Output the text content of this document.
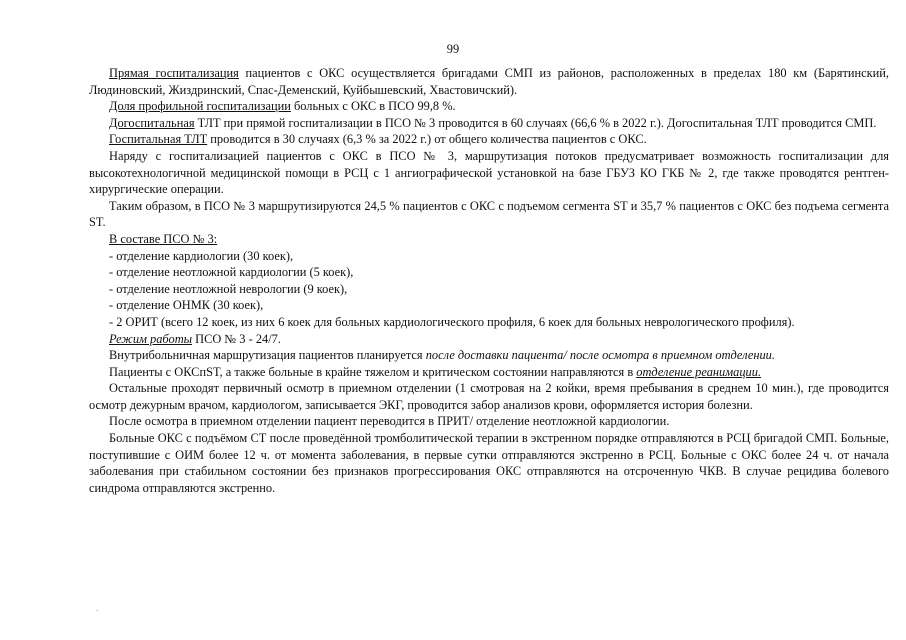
99

Прямая госпитализация пациентов с ОКС осуществляется бригадами СМП из районов, расположенных в пределах 180 км (Барятинский, Людиновский, Жиздринский, Спас-Деменский, Куйбышевский, Хвастовичский).

Доля профильной госпитализации больных с ОКС в ПСО 99,8 %.

Догоспитальная ТЛТ при прямой госпитализации в ПСО № 3 проводится в 60 случаях (66,6 % в 2022 г.). Догоспитальная ТЛТ проводится СМП.

Госпитальная ТЛТ проводится в 30 случаях (6,3 % за 2022 г.) от общего количества пациентов с ОКС.

Наряду с госпитализацией пациентов с ОКС в ПСО № 3, маршрутизация потоков предусматривает возможность госпитализации для высокотехнологичной медицинской помощи в РСЦ с 1 ангиографической установкой на базе ГБУЗ КО ГКБ № 2, где также проводятся рентген-хирургические операции.

Таким образом, в ПСО № 3 маршрутизируются 24,5 % пациентов с ОКС с подъемом сегмента ST и 35,7 % пациентов с ОКС без подъема сегмента ST.

В составе ПСО № 3:

- отделение кардиологии (30 коек),

- отделение неотложной кардиологии (5 коек),

- отделение неотложной неврологии (9 коек),

- отделение ОНМК (30 коек),

- 2 ОРИТ (всего 12 коек, из них 6 коек для больных кардиологического профиля, 6 коек для больных неврологического профиля).

Режим работы ПСО № 3 - 24/7.

Внутрибольничная маршрутизация пациентов планируется после доставки пациента/ после осмотра в приемном отделении.

Пациенты с ОКСпST, а также больные в крайне тяжелом и критическом состоянии направляются в отделение реанимации.

Остальные проходят первичный осмотр в приемном отделении (1 смотровая на 2 койки, время пребывания в среднем 10 мин.), где проводится осмотр дежурным врачом, кардиологом, записывается ЭКГ, проводится забор анализов крови, оформляется история болезни.

После осмотра в приемном отделении пациент переводится в ПРИТ/ отделение неотложной кардиологии.

Больные ОКС с подъёмом СТ после проведённой тромболитической терапии в экстренном порядке отправляются в РСЦ бригадой СМП. Больные, поступившие с ОИМ более 12 ч. от момента заболевания, в первые сутки отправляются экстренно в РСЦ. Больные с ОКС более 24 ч. от начала заболевания при стабильном состоянии без признаков прогрессирования ОКС отправляются на отсроченную ЧКВ. В случае рецидива болевого синдрома отправляются экстренно.

.
